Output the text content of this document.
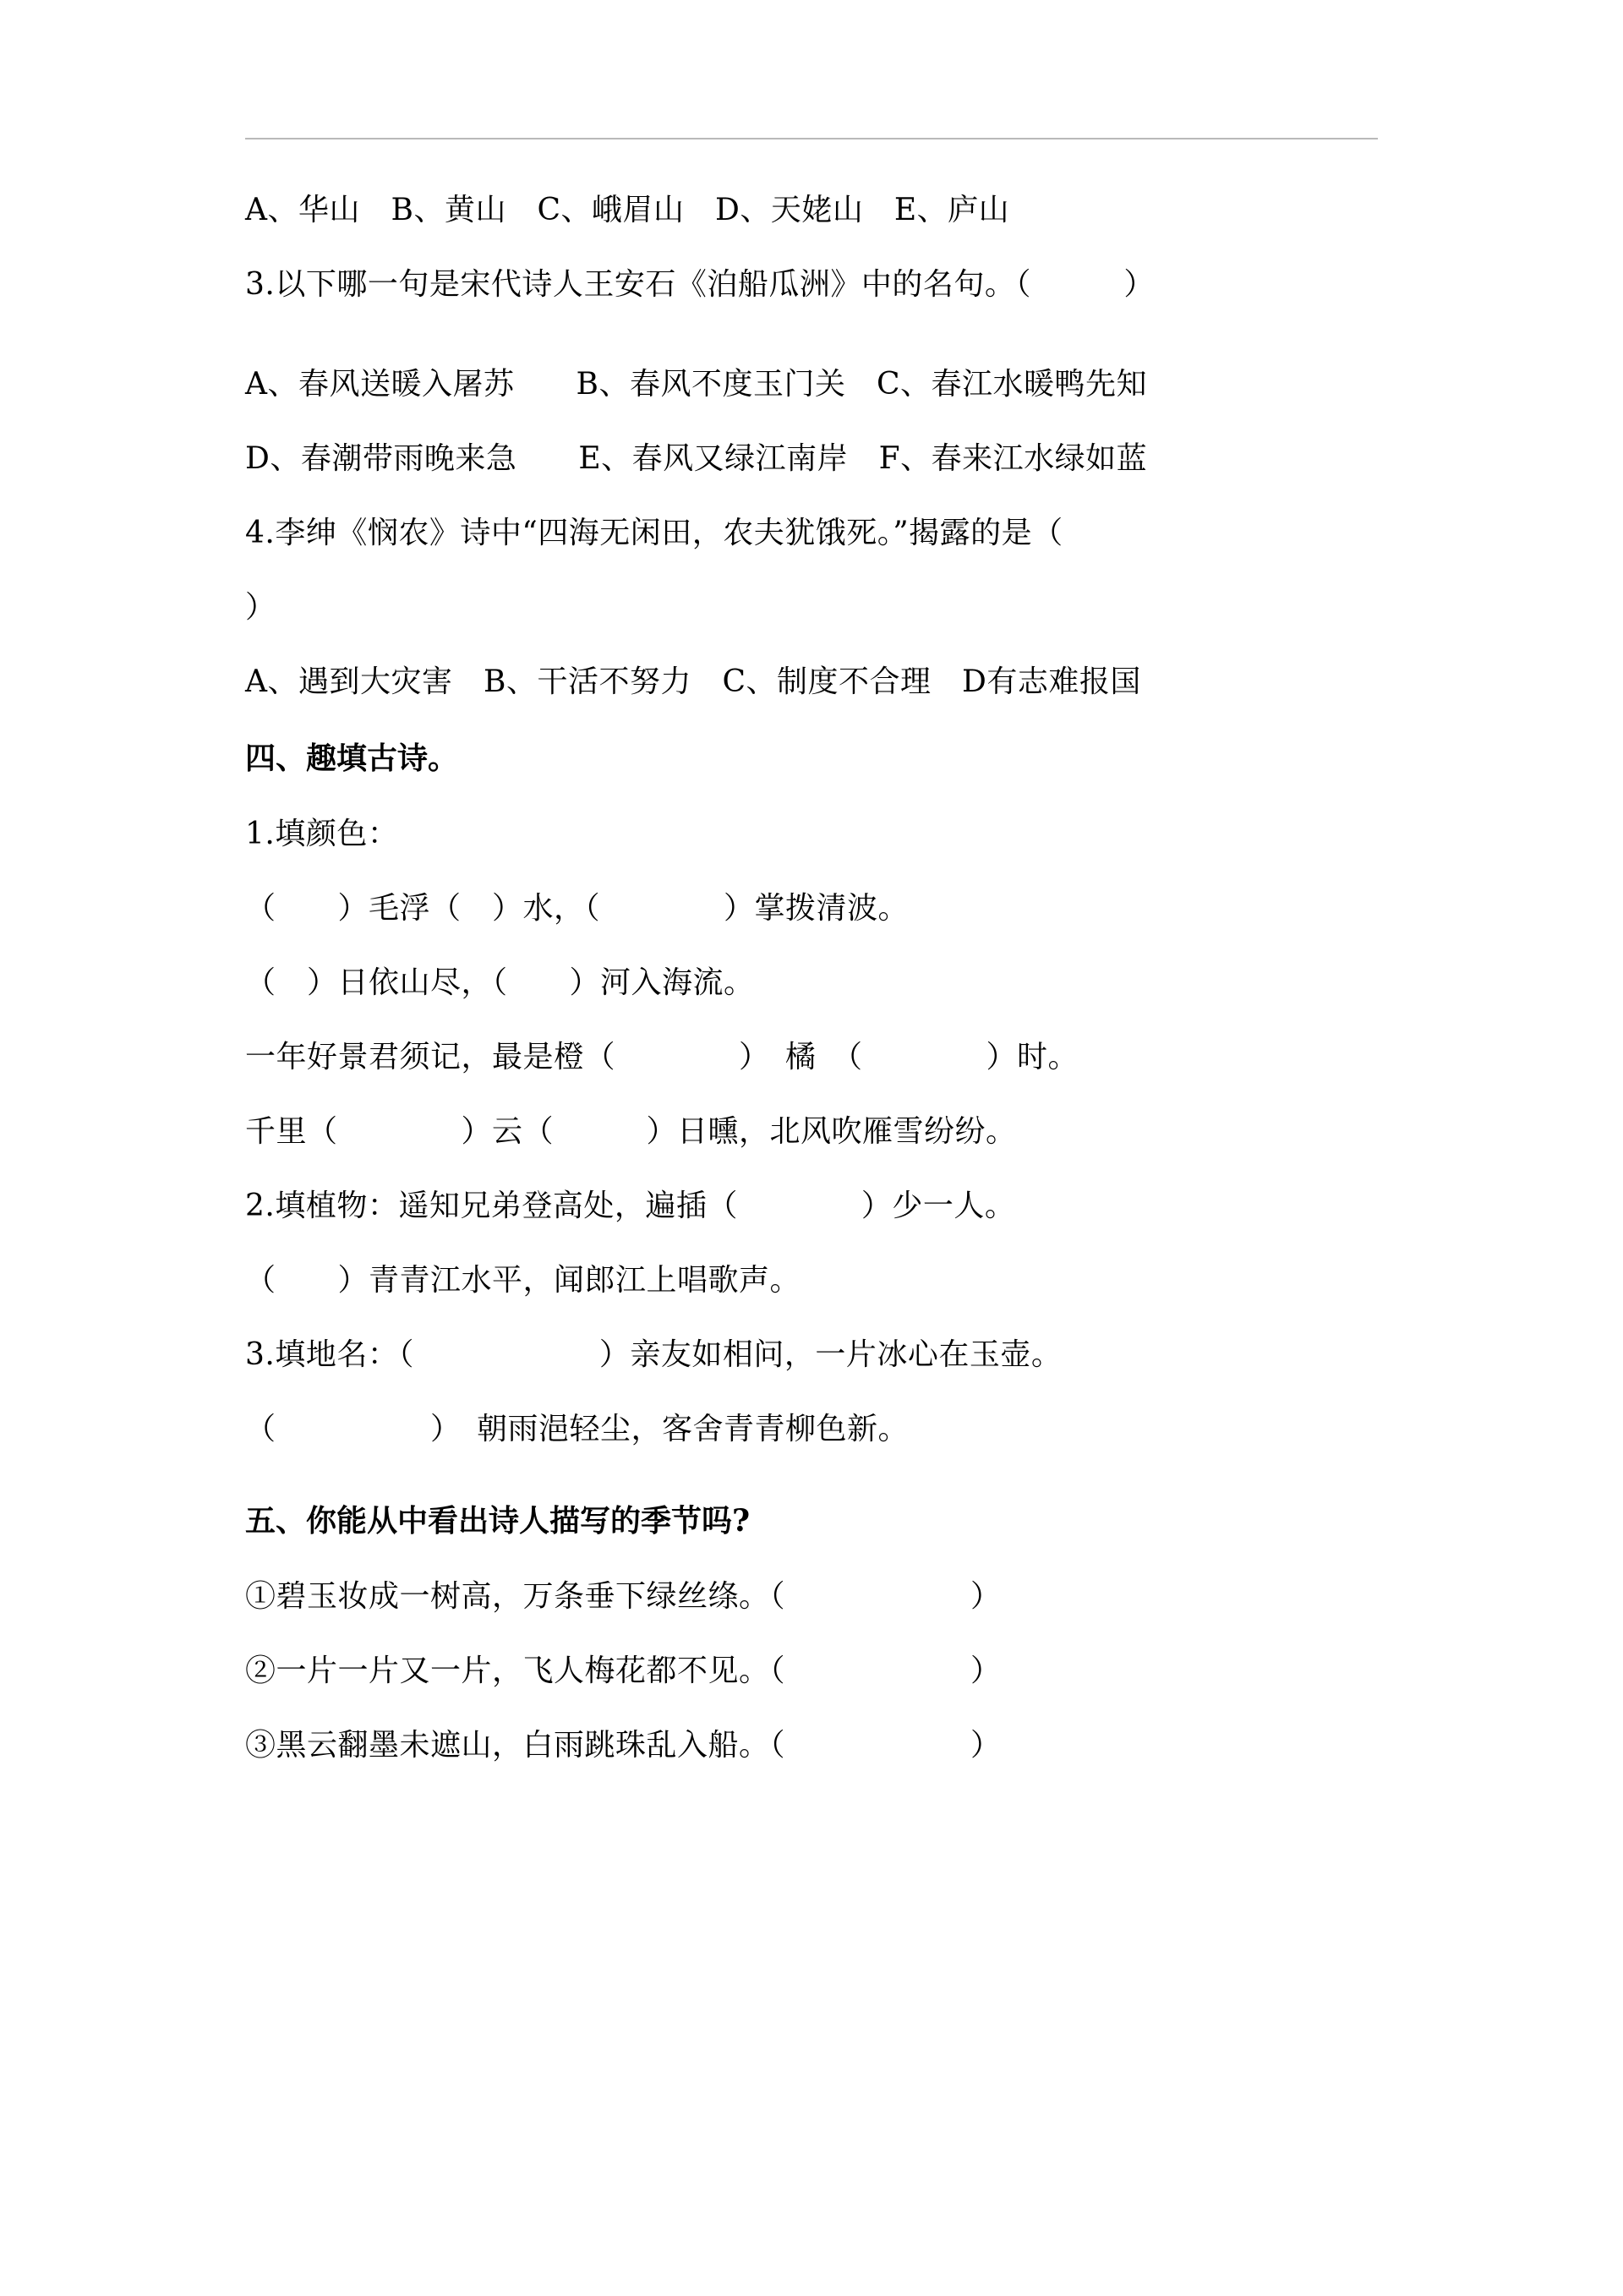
A、华山　B、黄山　C、峨眉山　D、天姥山　E、庐山
3.以下哪一句是宋代诗人王安石《泊船瓜洲》中的名句。（　　　）
A、春风送暖入屠苏　　B、春风不度玉门关　C、春江水暖鸭先知
D、春潮带雨晚来急　　E、春风又绿江南岸　F、春来江水绿如蓝
4.李绅《悯农》诗中“四海无闲田，农夫犹饿死。”揭露的是（
）
A、遇到大灾害　B、干活不努力　C、制度不合理　D有志难报国
四、趣填古诗。
1.填颜色：
（　　）毛浮（　）水，（　　　　）掌拨清波。
（　）日依山尽，（　　）河入海流。
一年好景君须记，最是橙（　　　　）　橘　（　　　　）时。
千里（　　　　）云（　　　）日曛，北风吹雁雪纷纷。
2.填植物：遥知兄弟登高处，遍插（　　　　）少一人。
（　　）青青江水平，闻郎江上唱歌声。
3.填地名：（　　　　　　）亲友如相问，一片冰心在玉壶。
（　　　　　）　朝雨浥轻尘，客舍青青柳色新。
五、你能从中看出诗人描写的季节吗?
①碧玉妆成一树高，万条垂下绿丝绦。（　　　　　　）
②一片一片又一片，飞人梅花都不见。（　　　　　　）
③黑云翻墨未遮山，白雨跳珠乱入船。（　　　　　　）
